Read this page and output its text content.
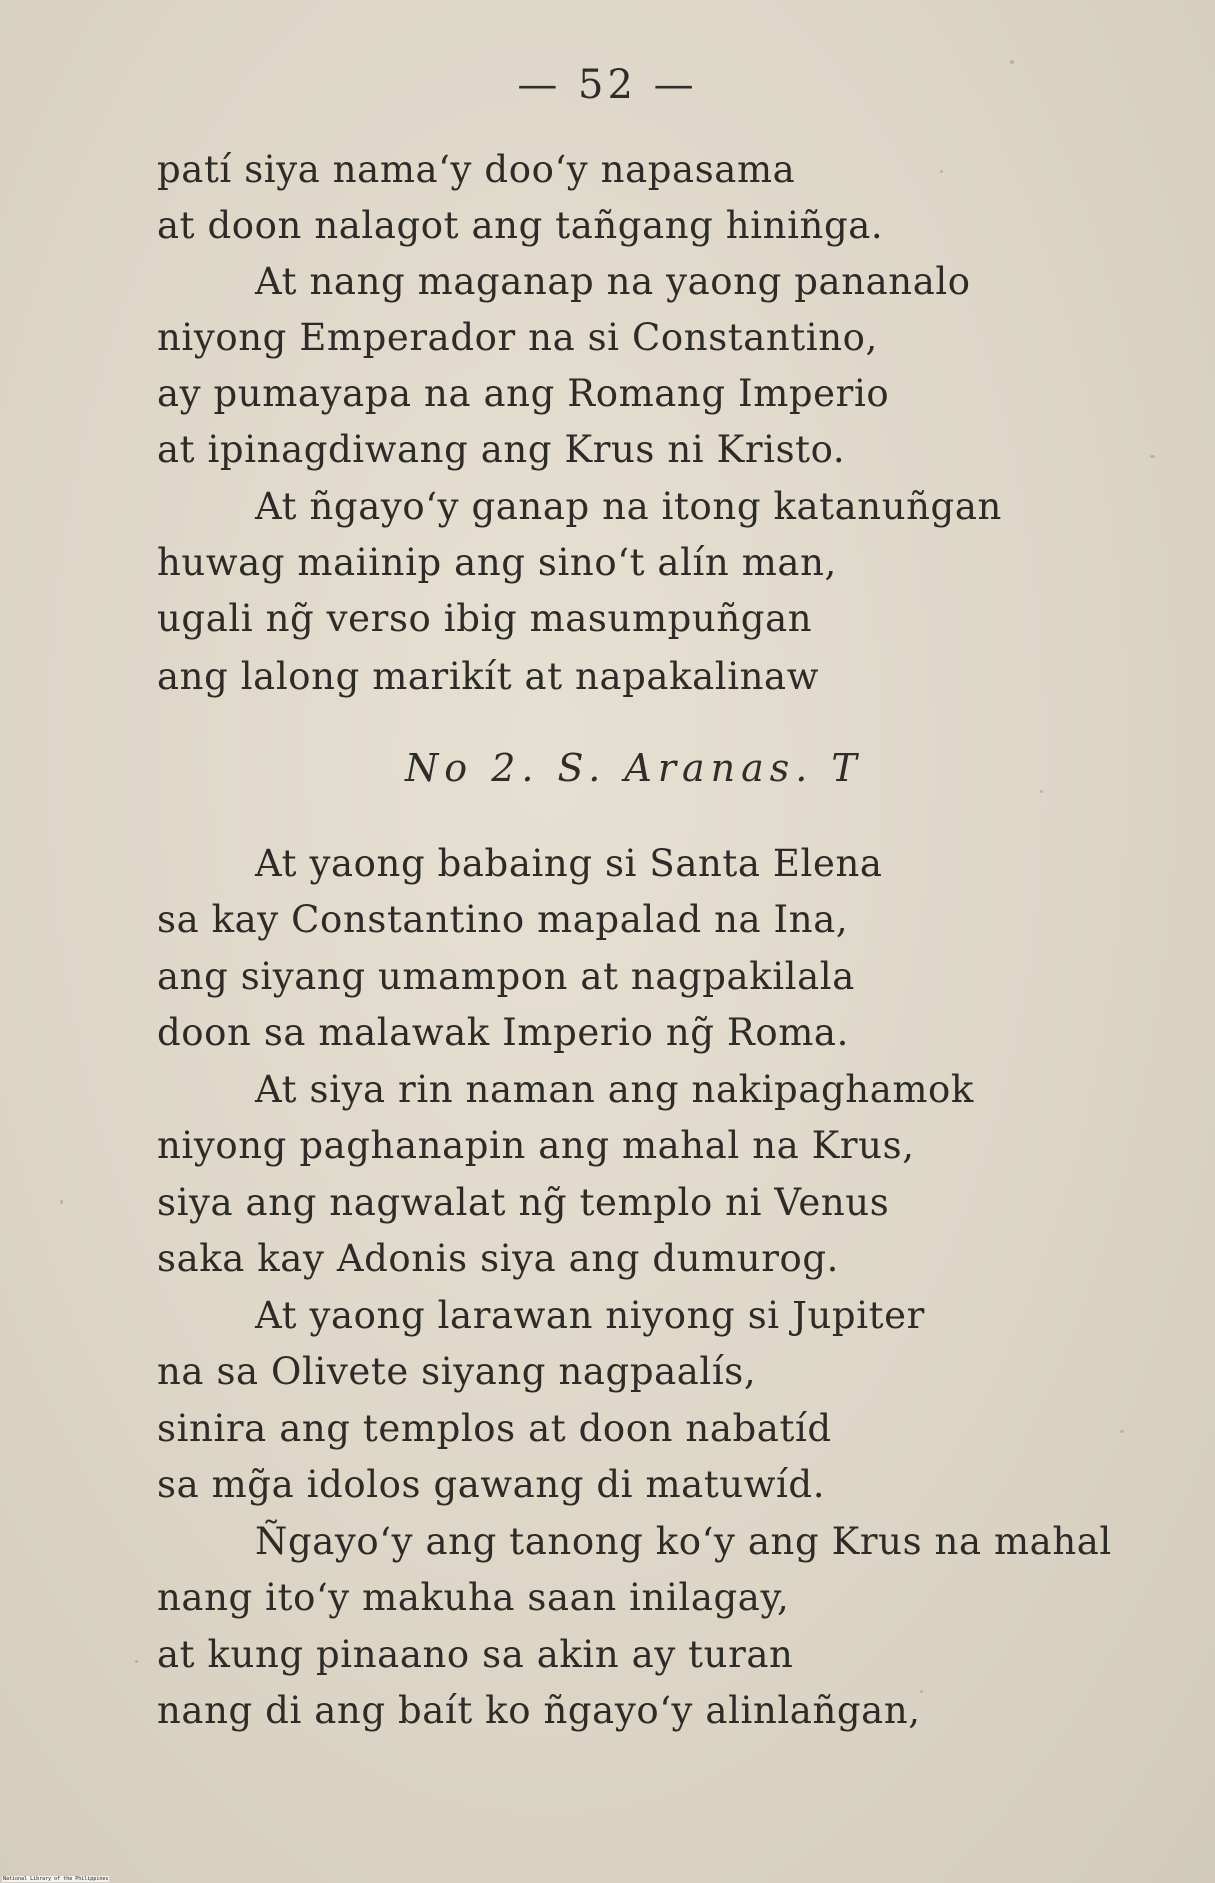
— 52 —
patí siya nama‘y doo‘y napasama
at doon nalagot ang tañgang hiniñga.
At nang maganap na yaong pananalo
niyong Emperador na si Constantino,
ay pumayapa na ang Romang Imperio
at ipinagdiwang ang Krus ni Kristo.
At ñgayo‘y ganap na itong katanuñgan
huwag maiinip ang sino‘t alín man,
ugali ng̃ verso ibig masumpuñgan
ang lalong marikít at napakalinaw
No 2. S. Aranas. T
At yaong babaing si Santa Elena
sa kay Constantino mapalad na Ina,
ang siyang umampon at nagpakilala
doon sa malawak Imperio ng̃ Roma.
At siya rin naman ang nakipaghamok
niyong paghanapin ang mahal na Krus,
siya ang nagwalat ng̃ templo ni Venus
saka kay Adonis siya ang dumurog.
At yaong larawan niyong si Jupiter
na sa Olivete siyang nagpaalís,
sinira ang templos at doon nabatíd
sa mg̃a idolos gawang di matuwíd.
Ñgayo‘y ang tanong ko‘y ang Krus na mahal
nang ito‘y makuha saan inilagay,
at kung pinaano sa akin ay turan
nang di ang baít ko ñgayo‘y alinlañgan,
National Library of the Philippines
